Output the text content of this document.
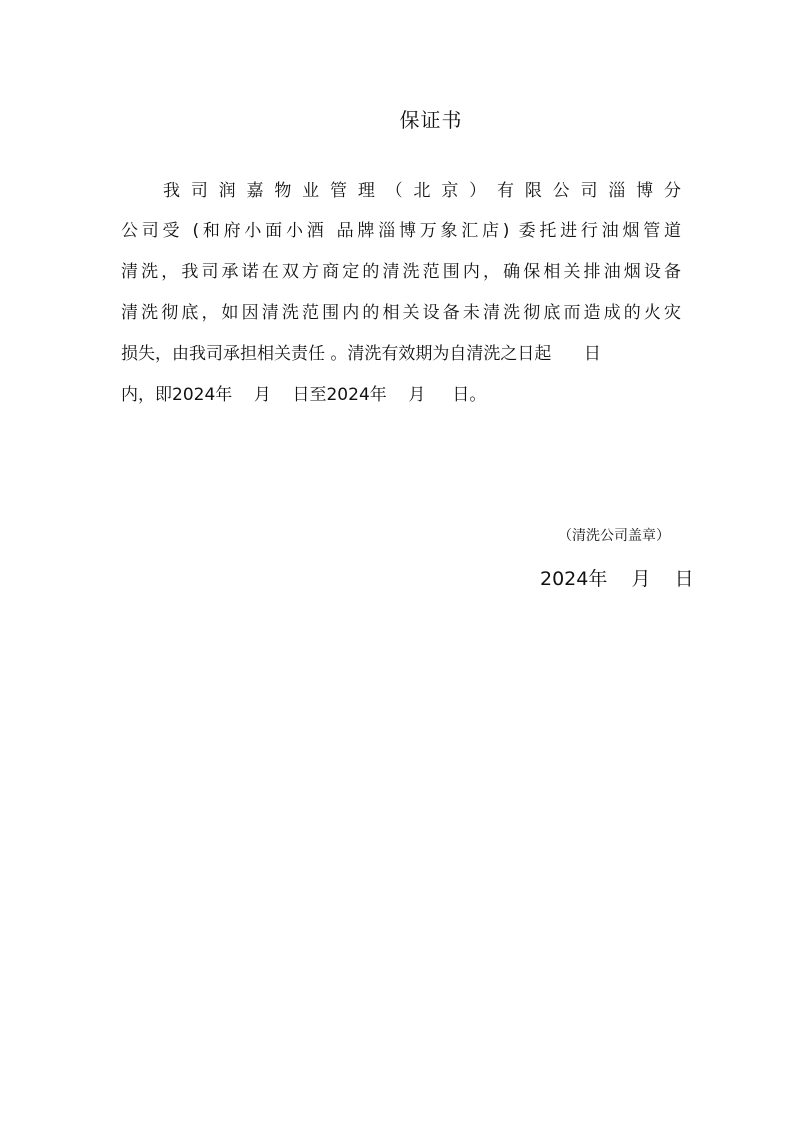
保证书
我 司 润 嘉 物 业 管 理 （ 北 京 ） 有 限 公 司 淄 博 分
公司受 (和府小面小酒 品牌淄博万象汇店) 委托进行油烟管道
清洗，我司承诺在双方商定的清洗范围内，确保相关排油烟设备
清洗彻底，如因清洗范围内的相关设备未清洗彻底而造成的火灾
损失，由我司承担相关责任 。清洗有效期为自清洗之日起      日
内，即2024年    月    日至2024年    月     日。
（清洗公司盖章）
2024年    月    日
